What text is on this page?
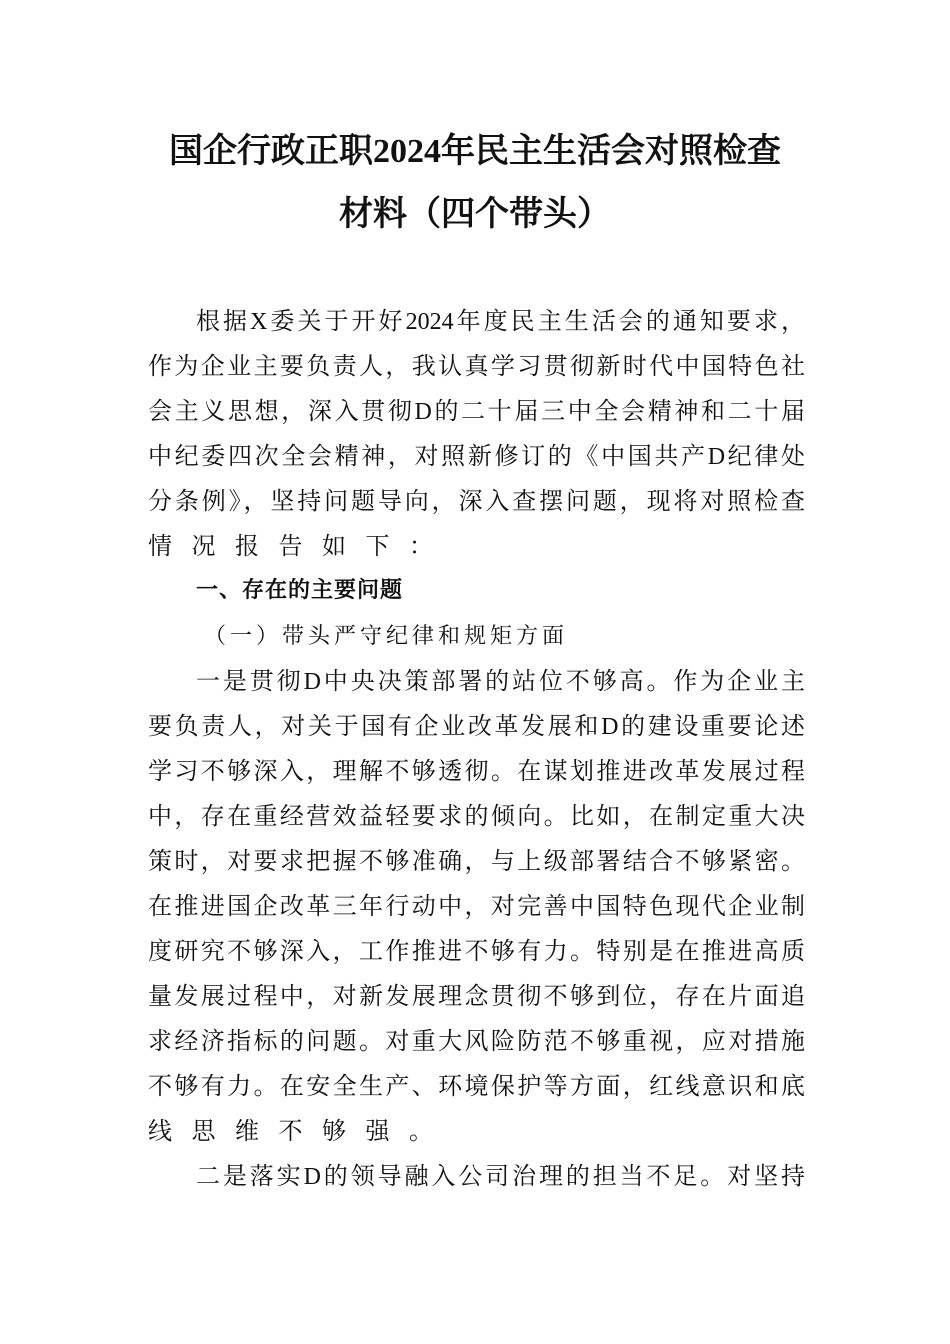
国企行政正职2024年民主生活会对照检查
材料（四个带头）
根据X委关于开好2024年度民主生活会的通知要求，
作为企业主要负责人，我认真学习贯彻新时代中国特色社
会主义思想，深入贯彻D的二十届三中全会精神和二十届
中纪委四次全会精神，对照新修订的《中国共产D纪律处
分条例》，坚持问题导向，深入查摆问题，现将对照检查
情况报告如下：
一、存在的主要问题
（一）带头严守纪律和规矩方面
一是贯彻D中央决策部署的站位不够高。作为企业主
要负责人，对关于国有企业改革发展和D的建设重要论述
学习不够深入，理解不够透彻。在谋划推进改革发展过程
中，存在重经营效益轻要求的倾向。比如，在制定重大决
策时，对要求把握不够准确，与上级部署结合不够紧密。
在推进国企改革三年行动中，对完善中国特色现代企业制
度研究不够深入，工作推进不够有力。特别是在推进高质
量发展过程中，对新发展理念贯彻不够到位，存在片面追
求经济指标的问题。对重大风险防范不够重视，应对措施
不够有力。在安全生产、环境保护等方面，红线意识和底
线思维不够强。
二是落实D的领导融入公司治理的担当不足。对坚持
